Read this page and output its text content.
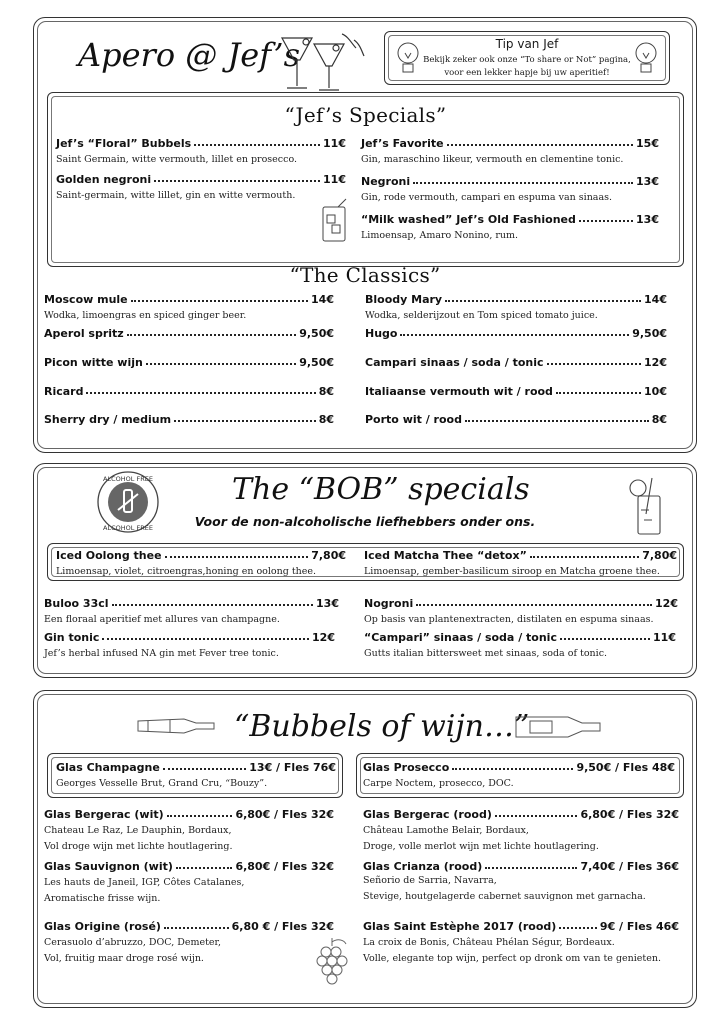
Apero @ Jef’s	Tip van Jef
Bekijk zeker ook onze “To share or Not” pagina,
voor een lekker hapje bij uw aperitief!
“Jef’s Specials”
Jef’s “Floral” Bubbels	11€
Saint Germain, witte vermouth, lillet en prosecco.
Golden negroni	11€
Saint-germain, witte lillet, gin en witte vermouth.
Jef’s Favorite	15€
Gin, maraschino likeur, vermouth en clementine tonic.
Negroni	13€
Gin, rode vermouth, campari en espuma van sinaas.
“Milk washed” Jef’s Old Fashioned	13€
Limoensap, Amaro Nonino, rum.
“The Classics”
Moscow mule	14€
Wodka, limoengras en spiced ginger beer.
Aperol spritz	9,50€
Picon witte wijn	9,50€
Ricard	8€
Sherry dry / medium	8€
Bloody Mary	14€
Wodka, selderijzout en Tom spiced tomato juice.
Hugo	9,50€
Campari sinaas / soda / tonic	12€
Italiaanse vermouth wit / rood	10€
Porto wit / rood	8€
ALCOHOL FREE
ALCOHOL FREE
The “BOB” specials
Voor de non-alcoholische liefhebbers onder ons.
Iced Oolong thee	7,80€
Limoensap, violet, citroengras,honing en oolong thee.
Iced Matcha Thee “detox”	7,80€
Limoensap, gember-basilicum siroop en Matcha groene thee.
Buloo 33cl	13€
Een floraal aperitief met allures van champagne.
Gin tonic	12€
Jef’s herbal infused NA gin met Fever tree tonic.
Nogroni	12€
Op basis van plantenextracten, distilaten en espuma sinaas.
“Campari” sinaas / soda / tonic	11€
Gutts italian bittersweet met sinaas, soda of tonic.
“Bubbels of wijn…”
Glas Champagne	13€ / Fles 76€
Georges Vesselle Brut, Grand Cru, “Bouzy”.
Glas Prosecco	9,50€ / Fles 48€
Carpe Noctem, prosecco, DOC.
Glas Bergerac (wit)	6,80€ / Fles 32€
Chateau Le Raz, Le Dauphin, Bordaux,
Vol droge wijn met lichte houtlagering.
Glas Sauvignon (wit)	6,80€ / Fles 32€
Les hauts de Janeil, IGP, Côtes Catalanes,
Aromatische frisse wijn.
Glas Origine (rosé)	6,80 € / Fles 32€
Cerasuolo d’abruzzo, DOC, Demeter,
Vol, fruitig maar droge rosé wijn.
Glas Bergerac (rood)	6,80€ / Fles 32€
Château Lamothe Belair, Bordaux,
Droge, volle merlot wijn met lichte houtlagering.
Glas Crianza (rood)	7,40€ / Fles 36€
Señorio de Sarria, Navarra,
Stevige, houtgelagerde cabernet sauvignon met garnacha.
Glas Saint Estèphe 2017 (rood)	9€ / Fles 46€
La croix de Bonis, Château Phélan Ségur, Bordeaux.
Volle, elegante top wijn, perfect op dronk om van te genieten.
